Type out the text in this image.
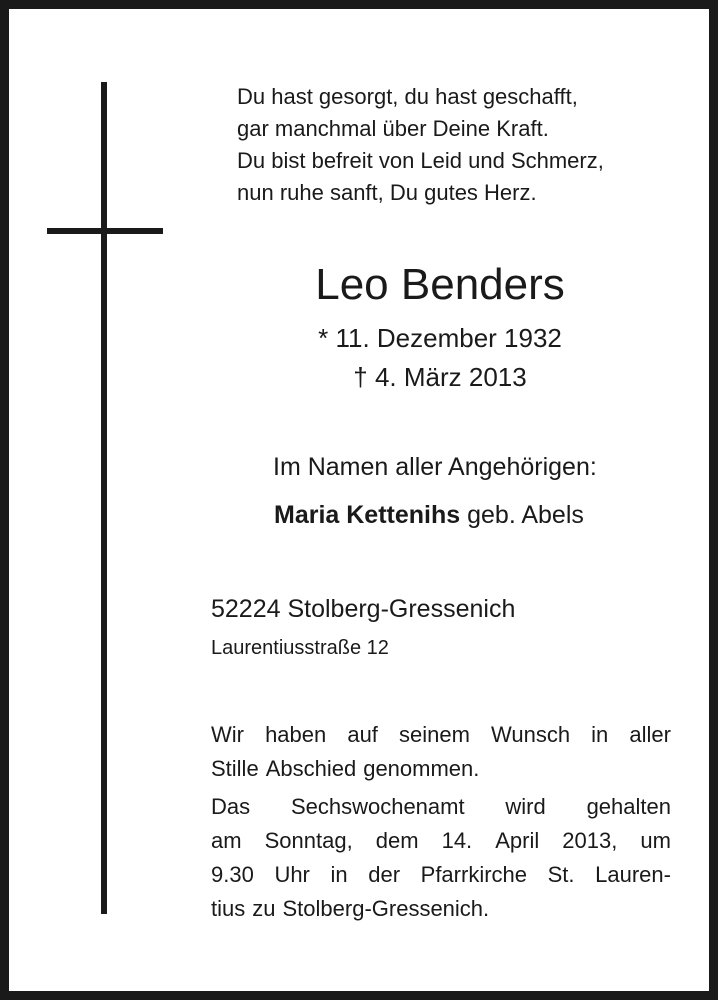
Du hast gesorgt, du hast geschafft,
gar manchmal über Deine Kraft.
Du bist befreit von Leid und Schmerz,
nun ruhe sanft, Du gutes Herz.
Leo Benders
* 11. Dezember 1932
† 4. März 2013
Im Namen aller Angehörigen:
Maria Kettenihs geb. Abels
52224 Stolberg-Gressenich
Laurentiusstraße 12
Wir haben auf seinem Wunsch in aller
Stille Abschied genommen.
Das Sechswochenamt wird gehalten
am Sonntag, dem 14. April 2013, um
9.30 Uhr in der Pfarrkirche St. Lauren-
tius zu Stolberg-Gressenich.
